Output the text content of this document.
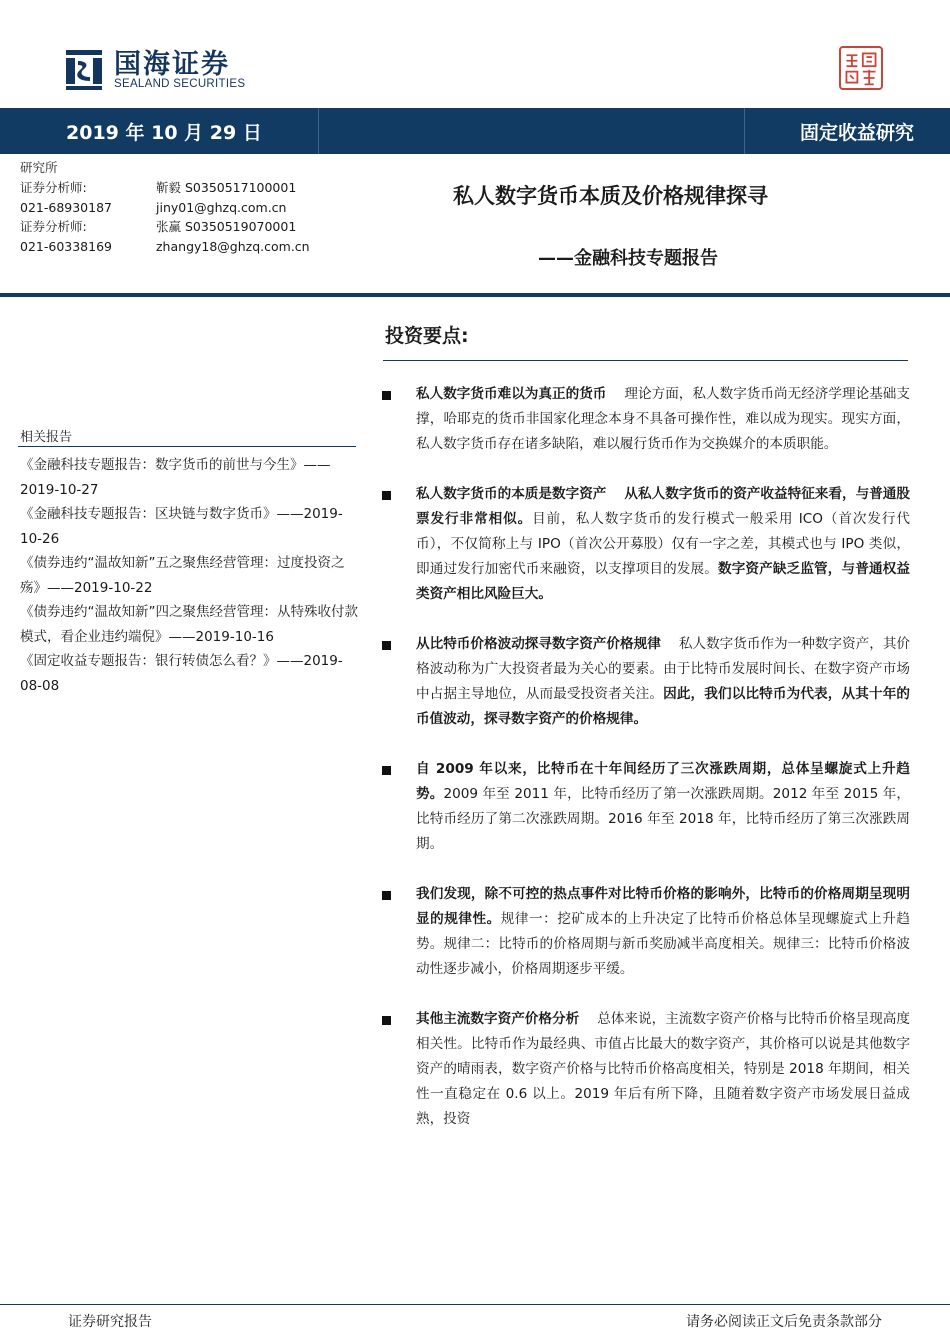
国海证券
SEALAND SECURITIES
2019 年 10 月 29 日	固定收益研究
研究所
证券分析师:	靳毅 S0350517100001
021-68930187	jiny01@ghzq.com.cn
证券分析师:	张赢 S0350519070001
021-60338169	zhangy18@ghzq.com.cn
私人数字货币本质及价格规律探寻
——金融科技专题报告
投资要点:

私人数字货币难以为真正的货币 理论方面，私人数字货币尚无经济学理论基础支撑，哈耶克的货币非国家化理念本身不具备可操作性，难以成为现实。现实方面，私人数字货币存在诸多缺陷，难以履行货币作为交换媒介的本质职能。

私人数字货币的本质是数字资产 从私人数字货币的资产收益特征来看，与普通股票发行非常相似。目前，私人数字货币的发行模式一般采用 ICO（首次发行代币），不仅简称上与 IPO（首次公开募股）仅有一字之差，其模式也与 IPO 类似，即通过发行加密代币来融资，以支撑项目的发展。数字资产缺乏监管，与普通权益类资产相比风险巨大。

从比特币价格波动探寻数字资产价格规律 私人数字货币作为一种数字资产，其价格波动称为广大投资者最为关心的要素。由于比特币发展时间长、在数字资产市场中占据主导地位，从而最受投资者关注。因此，我们以比特币为代表，从其十年的币值波动，探寻数字资产的价格规律。

自 2009 年以来，比特币在十年间经历了三次涨跌周期，总体呈螺旋式上升趋势。2009 年至 2011 年，比特币经历了第一次涨跌周期。2012 年至 2015 年，比特币经历了第二次涨跌周期。2016 年至 2018 年，比特币经历了第三次涨跌周期。

我们发现，除不可控的热点事件对比特币价格的影响外，比特币的价格周期呈现明显的规律性。规律一：挖矿成本的上升决定了比特币价格总体呈现螺旋式上升趋势。规律二：比特币的价格周期与新币奖励减半高度相关。规律三：比特币价格波动性逐步减小，价格周期逐步平缓。

其他主流数字资产价格分析 总体来说，主流数字资产价格与比特币价格呈现高度相关性。比特币作为最经典、市值占比最大的数字资产，其价格可以说是其他数字资产的晴雨表，数字资产价格与比特币价格高度相关，特别是 2018 年期间，相关性一直稳定在 0.6 以上。2019 年后有所下降，且随着数字资产市场发展日益成熟，投资

相关报告
《金融科技专题报告：数字货币的前世与今生》——2019-10-27
《金融科技专题报告：区块链与数字货币》——2019-10-26
《债券违约“温故知新”五之聚焦经营管理：过度投资之殇》——2019-10-22
《债券违约“温故知新”四之聚焦经营管理：从特殊收付款模式，看企业违约端倪》——2019-10-16
《固定收益专题报告：银行转债怎么看？》——2019-08-08
证券研究报告	请务必阅读正文后免责条款部分
